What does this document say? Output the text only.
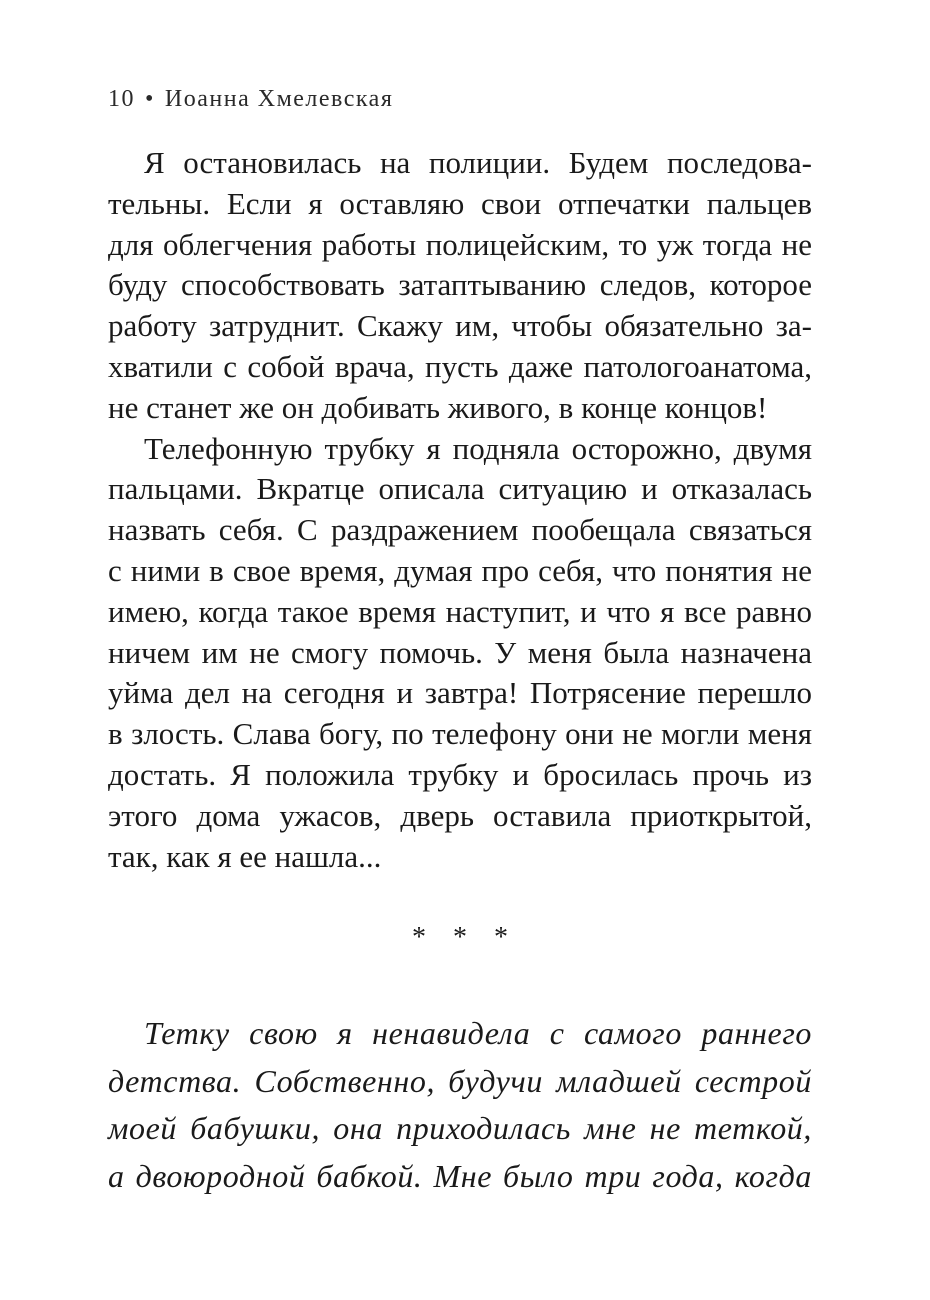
10 • Иоанна Хмелевская
Я остановилась на полиции. Будем последова-
тельны. Если я оставляю свои отпечатки пальцев
для облегчения работы полицейским, то уж тогда не
буду способствовать затаптыванию следов, которое
работу затруднит. Скажу им, чтобы обязательно за-
хватили с собой врача, пусть даже патологоанатома,
не станет же он добивать живого, в конце концов!
Телефонную трубку я подняла осторожно, двумя
пальцами. Вкратце описала ситуацию и отказалась
назвать себя. С раздражением пообещала связаться
с ними в свое время, думая про себя, что понятия не
имею, когда такое время наступит, и что я все равно
ничем им не смогу помочь. У меня была назначена
уйма дел на сегодня и завтра! Потрясение перешло
в злость. Слава богу, по телефону они не могли меня
достать. Я положила трубку и бросилась прочь из
этого дома ужасов, дверь оставила приоткрытой,
так, как я ее нашла...
* * *
Тетку свою я ненавидела с самого раннего
детства. Собственно, будучи младшей сестрой
моей бабушки, она приходилась мне не теткой,
а двоюродной бабкой. Мне было три года, когда
